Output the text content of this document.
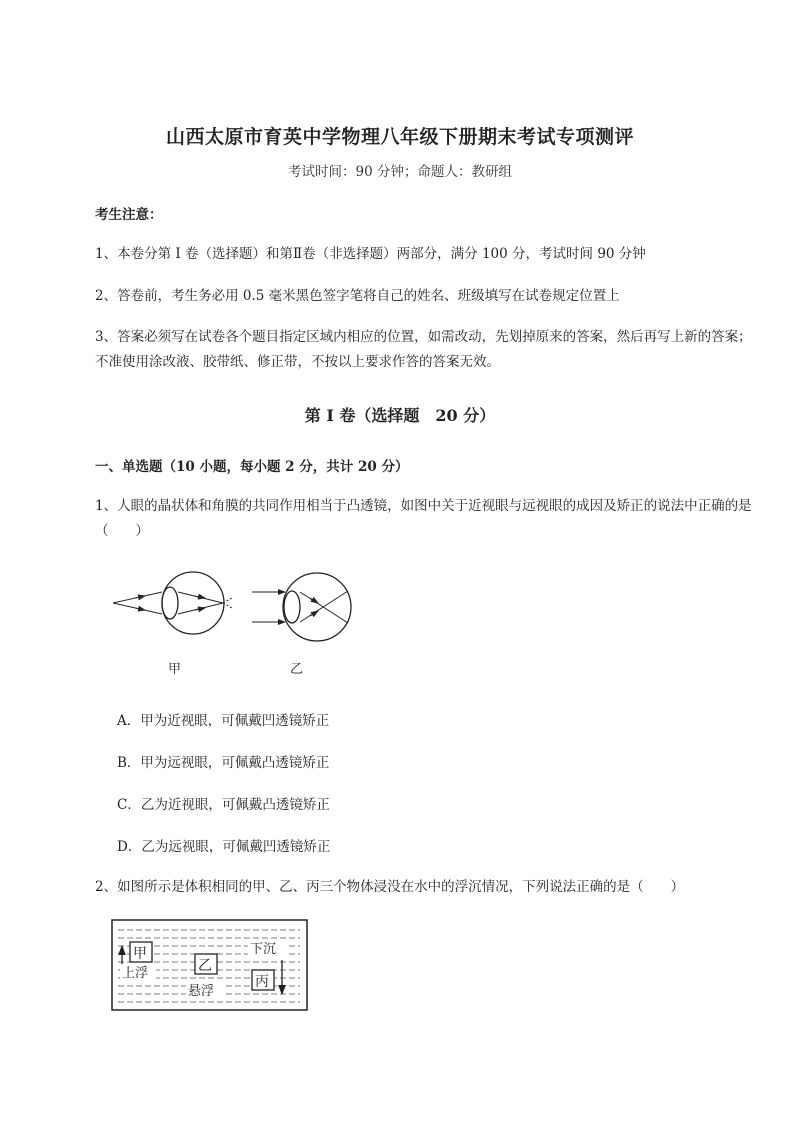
山西太原市育英中学物理八年级下册期末考试专项测评
考试时间：90 分钟；命题人：教研组
考生注意：
1、本卷分第 I 卷（选择题）和第Ⅱ卷（非选择题）两部分，满分 100 分，考试时间 90 分钟
2、答卷前，考生务必用 0.5 毫米黑色签字笔将自己的姓名、班级填写在试卷规定位置上
3、答案必须写在试卷各个题目指定区域内相应的位置，如需改动，先划掉原来的答案，然后再写上新的答案；不准使用涂改液、胶带纸、修正带，不按以上要求作答的答案无效。
第 I 卷（选择题　20 分）
一、单选题（10 小题，每小题 2 分，共计 20 分）
1、人眼的晶状体和角膜的共同作用相当于凸透镜，如图中关于近视眼与远视眼的成因及矫正的说法中正确的是（　　）
甲	乙
A．甲为近视眼，可佩戴凹透镜矫正
B．甲为远视眼，可佩戴凸透镜矫正
C．乙为近视眼，可佩戴凸透镜矫正
D．乙为远视眼，可佩戴凹透镜矫正
2、如图所示是体积相同的甲、乙、丙三个物体浸没在水中的浮沉情况，下列说法正确的是（　　）
甲
上浮	乙
悬浮
下沉
丙
